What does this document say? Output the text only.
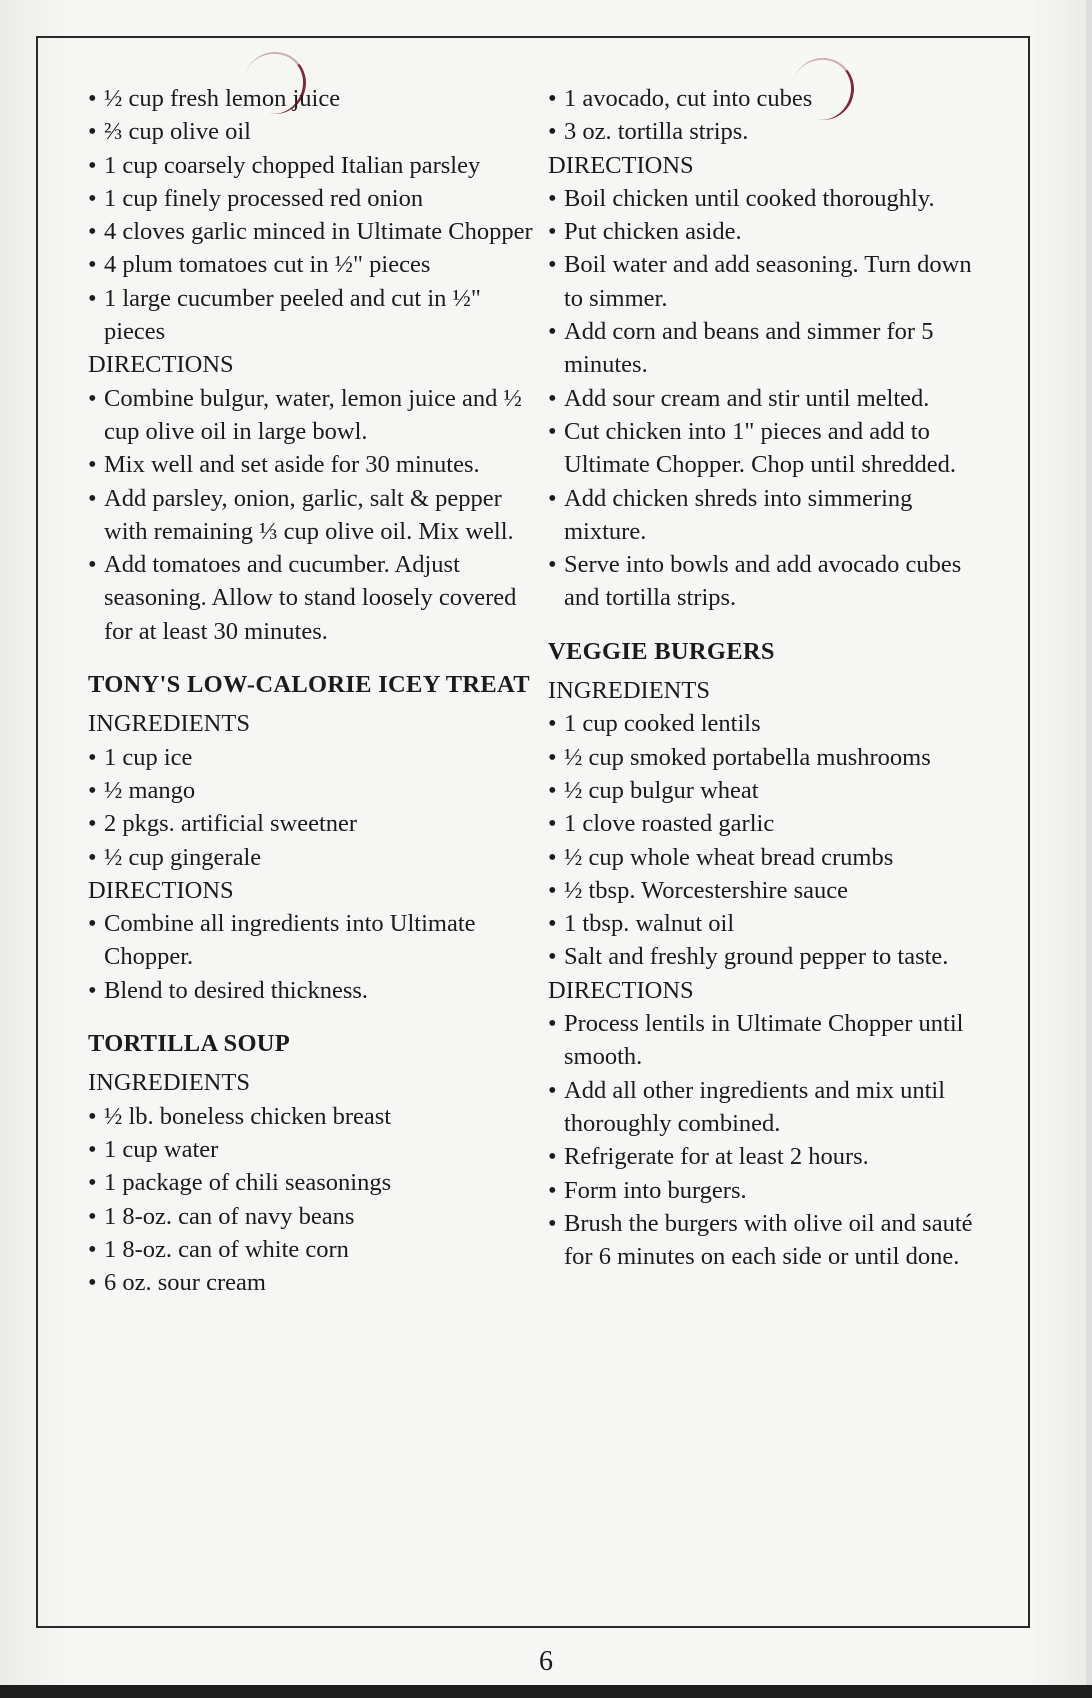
• ½ cup fresh lemon juice
• ⅔ cup olive oil
• 1 cup coarsely chopped Italian parsley
• 1 cup finely processed red onion
• 4 cloves garlic minced in Ultimate Chopper
• 4 plum tomatoes cut in ½" pieces
• 1 large cucumber peeled and cut in ½" pieces
DIRECTIONS
• Combine bulgur, water, lemon juice and ½ cup olive oil in large bowl.
• Mix well and set aside for 30 minutes.
• Add parsley, onion, garlic, salt & pepper with remaining ⅓ cup olive oil. Mix well.
• Add tomatoes and cucumber. Adjust seasoning. Allow to stand loosely covered for at least 30 minutes.
TONY'S LOW-CALORIE ICEY TREAT
INGREDIENTS
• 1 cup ice
• ½ mango
• 2 pkgs. artificial sweetner
• ½ cup gingerale
DIRECTIONS
• Combine all ingredients into Ultimate Chopper.
• Blend to desired thickness.
TORTILLA SOUP
INGREDIENTS
• ½ lb. boneless chicken breast
• 1 cup water
• 1 package of chili seasonings
• 1 8-oz. can of navy beans
• 1 8-oz. can of white corn
• 6 oz. sour cream
• 1 avocado, cut into cubes
• 3 oz. tortilla strips.
DIRECTIONS
• Boil chicken until cooked thoroughly.
• Put chicken aside.
• Boil water and add seasoning. Turn down to simmer.
• Add corn and beans and simmer for 5 minutes.
• Add sour cream and stir until melted.
• Cut chicken into 1" pieces and add to Ultimate Chopper. Chop until shredded.
• Add chicken shreds into simmering mixture.
• Serve into bowls and add avocado cubes and tortilla strips.
VEGGIE BURGERS
INGREDIENTS
• 1 cup cooked lentils
• ½ cup smoked portabella mushrooms
• ½ cup bulgur wheat
• 1 clove roasted garlic
• ½ cup whole wheat bread crumbs
• ½ tbsp. Worcestershire sauce
• 1 tbsp. walnut oil
• Salt and freshly ground pepper to taste.
DIRECTIONS
• Process lentils in Ultimate Chopper until smooth.
• Add all other ingredients and mix until thoroughly combined.
• Refrigerate for at least 2 hours.
• Form into burgers.
• Brush the burgers with olive oil and sauté for 6 minutes on each side or until done.
6
